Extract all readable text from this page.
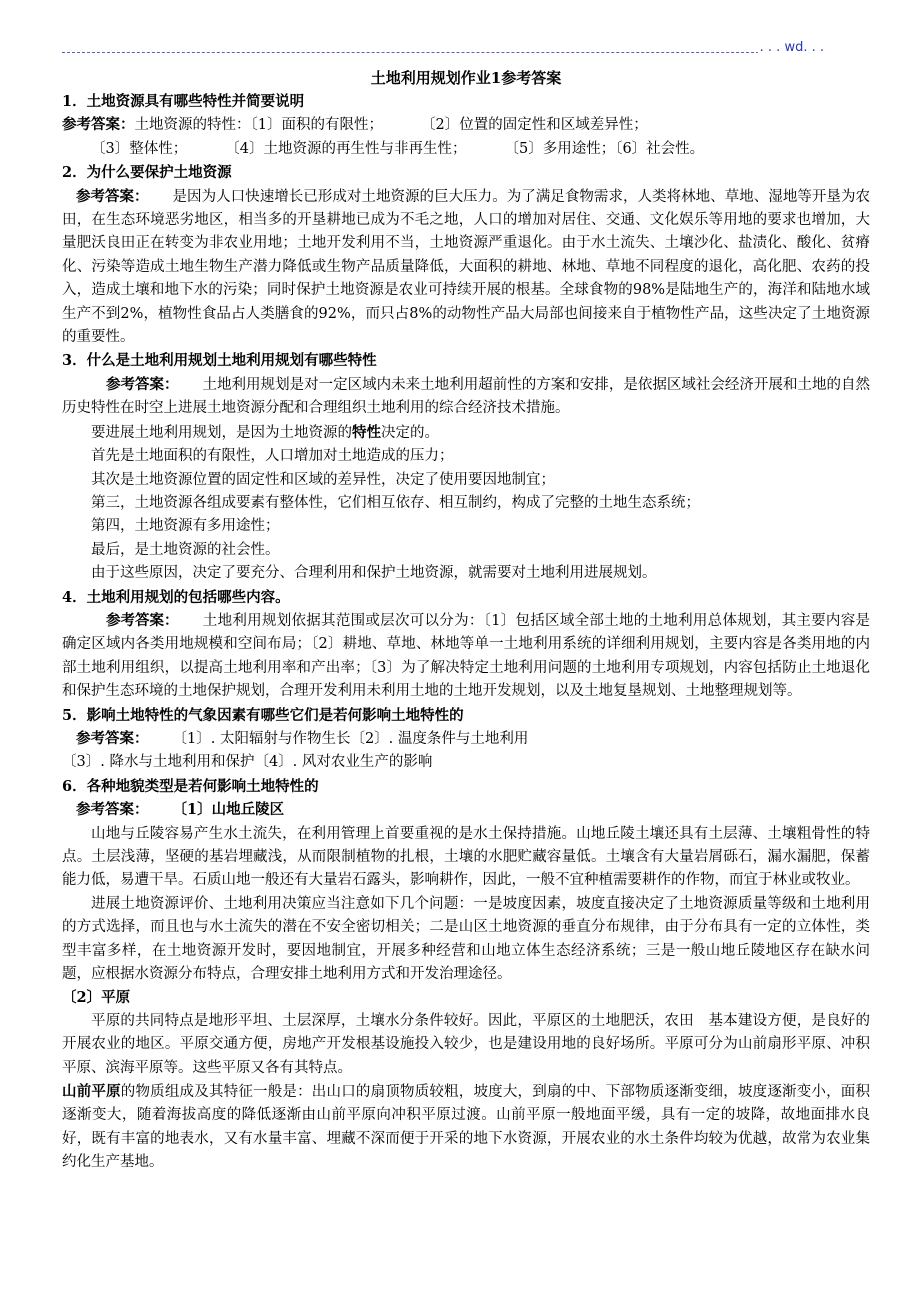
. . . wd. . .
土地利用规划作业1参考答案

1．土地资源具有哪些特性并简要说明

参考答案：土地资源的特性：〔1〕面积的有限性；	〔2〕位置的固定性和区域差异性；

〔3〕整体性；	〔4〕土地资源的再生性与非再生性；	〔5〕多用途性；〔6〕社会性。

2．为什么要保护土地资源

参考答案： 是因为人口快速增长已形成对土地资源的巨大压力。为了满足食物需求，人类将林地、草地、湿地等开垦为农田，在生态环境恶劣地区，相当多的开垦耕地已成为不毛之地，人口的增加对居住、交通、文化娱乐等用地的要求也增加，大量肥沃良田正在转变为非农业用地；土地开发利用不当，土地资源严重退化。由于水土流失、土壤沙化、盐渍化、酸化、贫瘠化、污染等造成土地生物生产潜力降低或生物产品质量降低，大面积的耕地、林地、草地不同程度的退化，高化肥、农药的投入，造成土壤和地下水的污染；同时保护土地资源是农业可持续开展的根基。全球食物的98%是陆地生产的，海洋和陆地水域生产不到2%，植物性食品占人类膳食的92%，而只占8%的动物性产品大局部也间接来自于植物性产品，这些决定了土地资源的重要性。

3．什么是土地利用规划土地利用规划有哪些特性

参考答案： 土地利用规划是对一定区域内未来土地利用超前性的方案和安排，是依据区域社会经济开展和土地的自然历史特性在时空上进展土地资源分配和合理组织土地利用的综合经济技术措施。

要进展土地利用规划，是因为土地资源的特性决定的。

首先是土地面积的有限性，人口增加对土地造成的压力；

其次是土地资源位置的固定性和区域的差异性，决定了使用要因地制宜；

第三，土地资源各组成要素有整体性，它们相互依存、相互制约，构成了完整的土地生态系统；

第四，土地资源有多用途性；

最后，是土地资源的社会性。

由于这些原因，决定了要充分、合理利用和保护土地资源，就需要对土地利用进展规划。

4．土地利用规划的包括哪些内容。

参考答案： 土地利用规划依据其范围或层次可以分为：〔1〕包括区域全部土地的土地利用总体规划，其主要内容是确定区域内各类用地规模和空间布局；〔2〕耕地、草地、林地等单一土地利用系统的详细利用规划，主要内容是各类用地的内部土地利用组织，以提高土地利用率和产出率；〔3〕为了解决特定土地利用问题的土地利用专项规划，内容包括防止土地退化和保护生态环境的土地保护规划，合理开发利用未利用土地的土地开发规划，以及土地复垦规划、土地整理规划等。

5．影响土地特性的气象因素有哪些它们是若何影响土地特性的

参考答案： 〔1〕. 太阳辐射与作物生长〔2〕. 温度条件与土地利用

〔3〕. 降水与土地利用和保护〔4〕. 风对农业生产的影响

6．各种地貌类型是若何影响土地特性的

参考答案： 〔1〕山地丘陵区

山地与丘陵容易产生水土流失，在利用管理上首要重视的是水土保持措施。山地丘陵土壤还具有土层薄、土壤粗骨性的特点。土层浅薄，坚硬的基岩埋藏浅，从而限制植物的扎根，土壤的水肥贮藏容量低。土壤含有大量岩屑砾石，漏水漏肥，保蓄能力低，易遭干旱。石质山地一般还有大量岩石露头，影响耕作，因此，一般不宜种植需要耕作的作物，而宜于林业或牧业。

进展土地资源评价、土地利用决策应当注意如下几个问题：一是坡度因素，坡度直接决定了土地资源质量等级和土地利用的方式选择，而且也与水土流失的潜在不安全密切相关；二是山区土地资源的垂直分布规律，由于分布具有一定的立体性，类型丰富多样，在土地资源开发时，要因地制宜，开展多种经营和山地立体生态经济系统；三是一般山地丘陵地区存在缺水问题，应根据水资源分布特点，合理安排土地利用方式和开发治理途径。

〔2〕平原

平原的共同特点是地形平坦、土层深厚，土壤水分条件较好。因此，平原区的土地肥沃，农田　基本建设方便，是良好的开展农业的地区。平原交通方便，房地产开发根基设施投入较少，也是建设用地的良好场所。平原可分为山前扇形平原、冲积平原、滨海平原等。这些平原又各有其特点。

山前平原的物质组成及其特征一般是：出山口的扇顶物质较粗，坡度大，到扇的中、下部物质逐渐变细，坡度逐渐变小，面积逐渐变大，随着海拔高度的降低逐渐由山前平原向冲积平原过渡。山前平原一般地面平缓，具有一定的坡降，故地面排水良好，既有丰富的地表水，又有水量丰富、埋藏不深而便于开采的地下水资源，开展农业的水土条件均较为优越，故常为农业集约化生产基地。
